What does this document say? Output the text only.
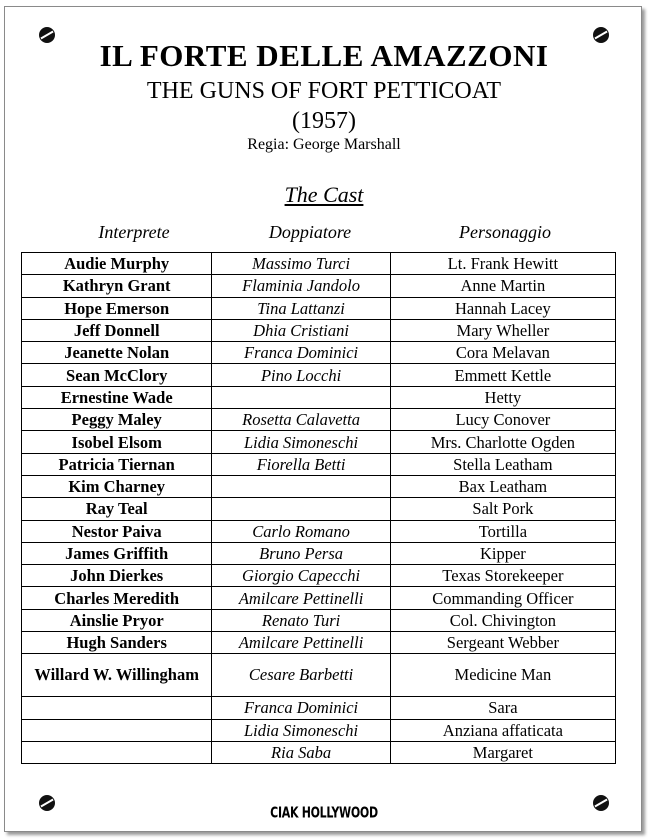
IL FORTE DELLE AMAZZONI
THE GUNS OF FORT PETTICOAT
(1957)
Regia: George Marshall
The Cast
Interprete	Doppiatore	Personaggio
Audie Murphy	Massimo Turci	Lt. Frank Hewitt
Kathryn Grant	Flaminia Jandolo	Anne Martin
Hope Emerson	Tina Lattanzi	Hannah Lacey
Jeff Donnell	Dhia Cristiani	Mary Wheller
Jeanette Nolan	Franca Dominici	Cora Melavan
Sean McClory	Pino Locchi	Emmett Kettle
Ernestine Wade		Hetty
Peggy Maley	Rosetta Calavetta	Lucy Conover
Isobel Elsom	Lidia Simoneschi	Mrs. Charlotte Ogden
Patricia Tiernan	Fiorella Betti	Stella Leatham
Kim Charney		Bax Leatham
Ray Teal		Salt Pork
Nestor Paiva	Carlo Romano	Tortilla
James Griffith	Bruno Persa	Kipper
John Dierkes	Giorgio Capecchi	Texas Storekeeper
Charles Meredith	Amilcare Pettinelli	Commanding Officer
Ainslie Pryor	Renato Turi	Col. Chivington
Hugh Sanders	Amilcare Pettinelli	Sergeant Webber
Willard W. Willingham	Cesare Barbetti	Medicine Man
	Franca Dominici	Sara
	Lidia Simoneschi	Anziana affaticata
	Ria Saba	Margaret
CIAK HOLLYWOOD
